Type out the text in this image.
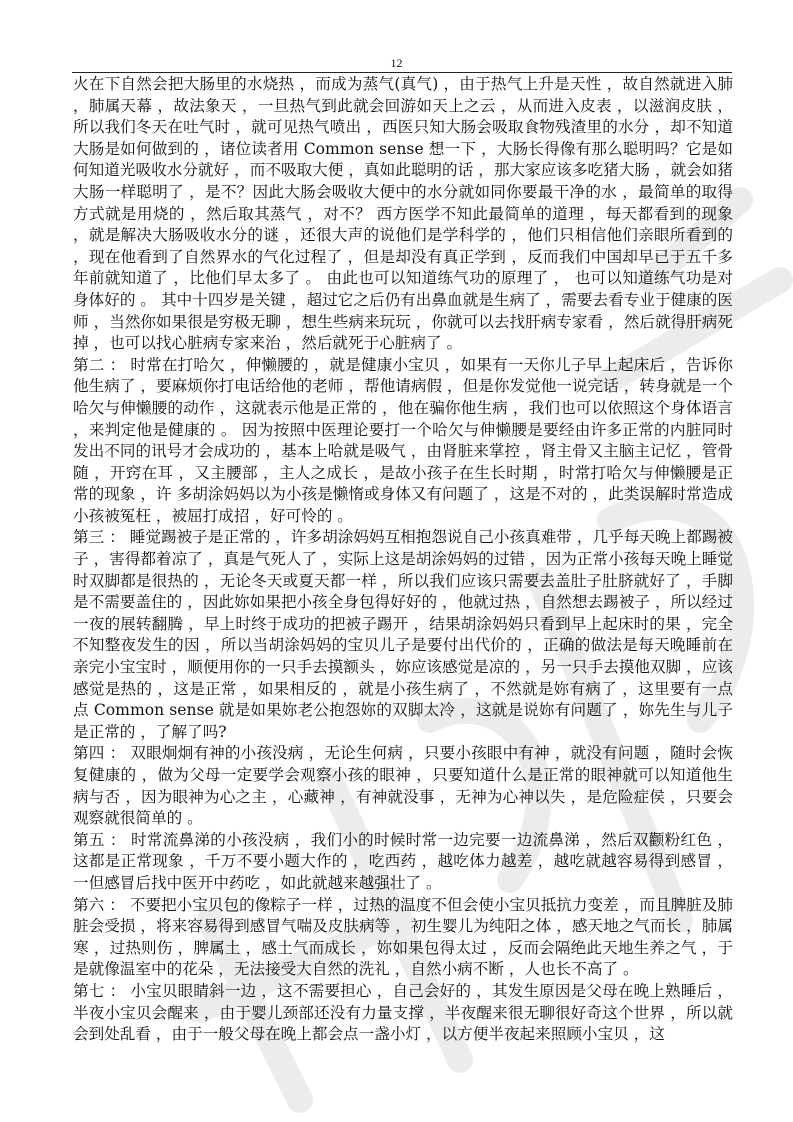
12

火在下自然会把大肠里的水烧热 ，而成为蒸气(真气) ，由于热气上升是天性 ，故自然就进入肺 ，肺属天幕 ，故法象天 ，一旦热气到此就会回游如天上之云 ，从而进入皮表 ，以滋润皮肤 ，所以我们冬天在吐气时 ，就可见热气喷出 ，西医只知大肠会吸取食物残渣里的水分 ，却不知道大肠是如何做到的 ，诸位读者用 Common sense 想一下 ，大肠长得像有那么聪明吗？它是如何知道光吸收水分就好 ，而不吸取大便 ，真如此聪明的话 ，那大家应该多吃猪大肠 ，就会如猪大肠一样聪明了 ，是不？因此大肠会吸收大便中的水分就如同你要最干净的水 ，最简单的取得方式就是用烧的 ，然后取其蒸气 ，对不？ 西方医学不知此最简单的道理 ，每天都看到的现象 ，就是解决大肠吸收水分的谜 ，还很大声的说他们是学科学的 ，他们只相信他们亲眼所看到的 ，现在他看到了自然界水的气化过程了 ，但是却没有真正学到 ，反而我们中国却早已于五千多年前就知道了 ，比他们早太多了 。 由此也可以知道练气功的原理了 ， 也可以知道练气功是对身体好的 。 其中十四岁是关键 ，超过它之后仍有出鼻血就是生病了 ，需要去看专业于健康的医师 ，当然你如果很是穷极无聊 ，想生些病来玩玩 ，你就可以去找肝病专家看 ，然后就得肝病死掉 ，也可以找心脏病专家来治 ，然后就死于心脏病了 。

第二 ： 时常在打哈欠 ，伸懒腰的 ，就是健康小宝贝 ，如果有一天你儿子早上起床后 ，告诉你他生病了 ，要麻烦你打电话给他的老师 ，帮他请病假 ，但是你发觉他一说完话 ，转身就是一个哈欠与伸懒腰的动作 ，这就表示他是正常的 ，他在骗你他生病 ，我们也可以依照这个身体语言 ，来判定他是健康的 。 因为按照中医理论要打一个哈欠与伸懒腰是要经由许多正常的内脏同时发出不同的讯号才会成功的 ，基本上哈就是吸气 ，由肾脏来掌控 ，肾主骨又主脑主记忆 ，管骨随 ，开窍在耳 ，又主腰部 ，主人之成长 ，是故小孩子在生长时期 ，时常打哈欠与伸懒腰是正常的现象 ，许 多胡涂妈妈以为小孩是懒惰或身体又有问题了 ，这是不对的 ，此类误解时常造成小孩被冤枉 ，被屈打成招 ，好可怜的 。

第三 ： 睡觉踢被子是正常的 ，许多胡涂妈妈互相抱怨说自己小孩真难带 ，几乎每天晚上都踢被子 ，害得都着凉了 ，真是气死人了 ，实际上这是胡涂妈妈的过错 ，因为正常小孩每天晚上睡觉时双脚都是很热的 ，无论冬天或夏天都一样 ，所以我们应该只需要去盖肚子肚脐就好了 ，手脚是不需要盖住的 ，因此妳如果把小孩全身包得好好的 ，他就过热 ，自然想去踢被子 ，所以经过一夜的展转翻腾 ，早上时终于成功的把被子踢开 ，结果胡涂妈妈只看到早上起床时的果 ，完全不知整夜发生的因 ，所以当胡涂妈妈的宝贝儿子是要付出代价的 ，正确的做法是每天晚睡前在亲完小宝宝时 ，顺便用你的一只手去摸额头 ，妳应该感觉是凉的 ，另一只手去摸他双脚 ，应该感觉是热的 ，这是正常 ，如果相反的 ，就是小孩生病了 ，不然就是妳有病了 ，这里要有一点点 Common sense 就是如果妳老公抱怨妳的双脚太冷 ，这就是说妳有问题了 ，妳先生与儿子是正常的 ，了解了吗?

第四 ： 双眼炯炯有神的小孩没病 ，无论生何病 ，只要小孩眼中有神 ，就没有问题 ，随时会恢复健康的 ，做为父母一定要学会观察小孩的眼神 ，只要知道什么是正常的眼神就可以知道他生病与否 ，因为眼神为心之主 ，心藏神 ，有神就没事 ，无神为心神以失 ，是危险症侯 ，只要会观察就很简单的 。

第五 ： 时常流鼻涕的小孩没病 ，我们小的时候时常一边完要一边流鼻涕 ，然后双颧粉红色 ，这都是正常现象 ，千万不要小题大作的 ，吃西药 ，越吃体力越差 ，越吃就越容易得到感冒 ，一但感冒后找中医开中药吃 ，如此就越来越强壮了 。

第六 ： 不要把小宝贝包的像粽子一样 ，过热的温度不但会使小宝贝抵抗力变差 ，而且脾脏及肺脏会受损 ，将来容易得到感冒气喘及皮肤病等 ，初生婴儿为纯阳之体 ，感天地之气而长 ，肺属寒 ，过热则伤 ，脾属土 ，感土气而成长 ，妳如果包得太过 ，反而会隔绝此天地生养之气 ，于是就像温室中的花朵 ，无法接受大自然的洗礼 ，自然小病不断 ，人也长不高了 。

第七 ： 小宝贝眼睛斜一边 ，这不需要担心 ，自己会好的 ，其发生原因是父母在晚上熟睡后 ，半夜小宝贝会醒来 ，由于婴儿颈部还没有力量支撑 ，半夜醒来很无聊很好奇这个世界 ，所以就会到处乱看 ，由于一般父母在晚上都会点一盏小灯 ，以方便半夜起来照顾小宝贝 ，这
